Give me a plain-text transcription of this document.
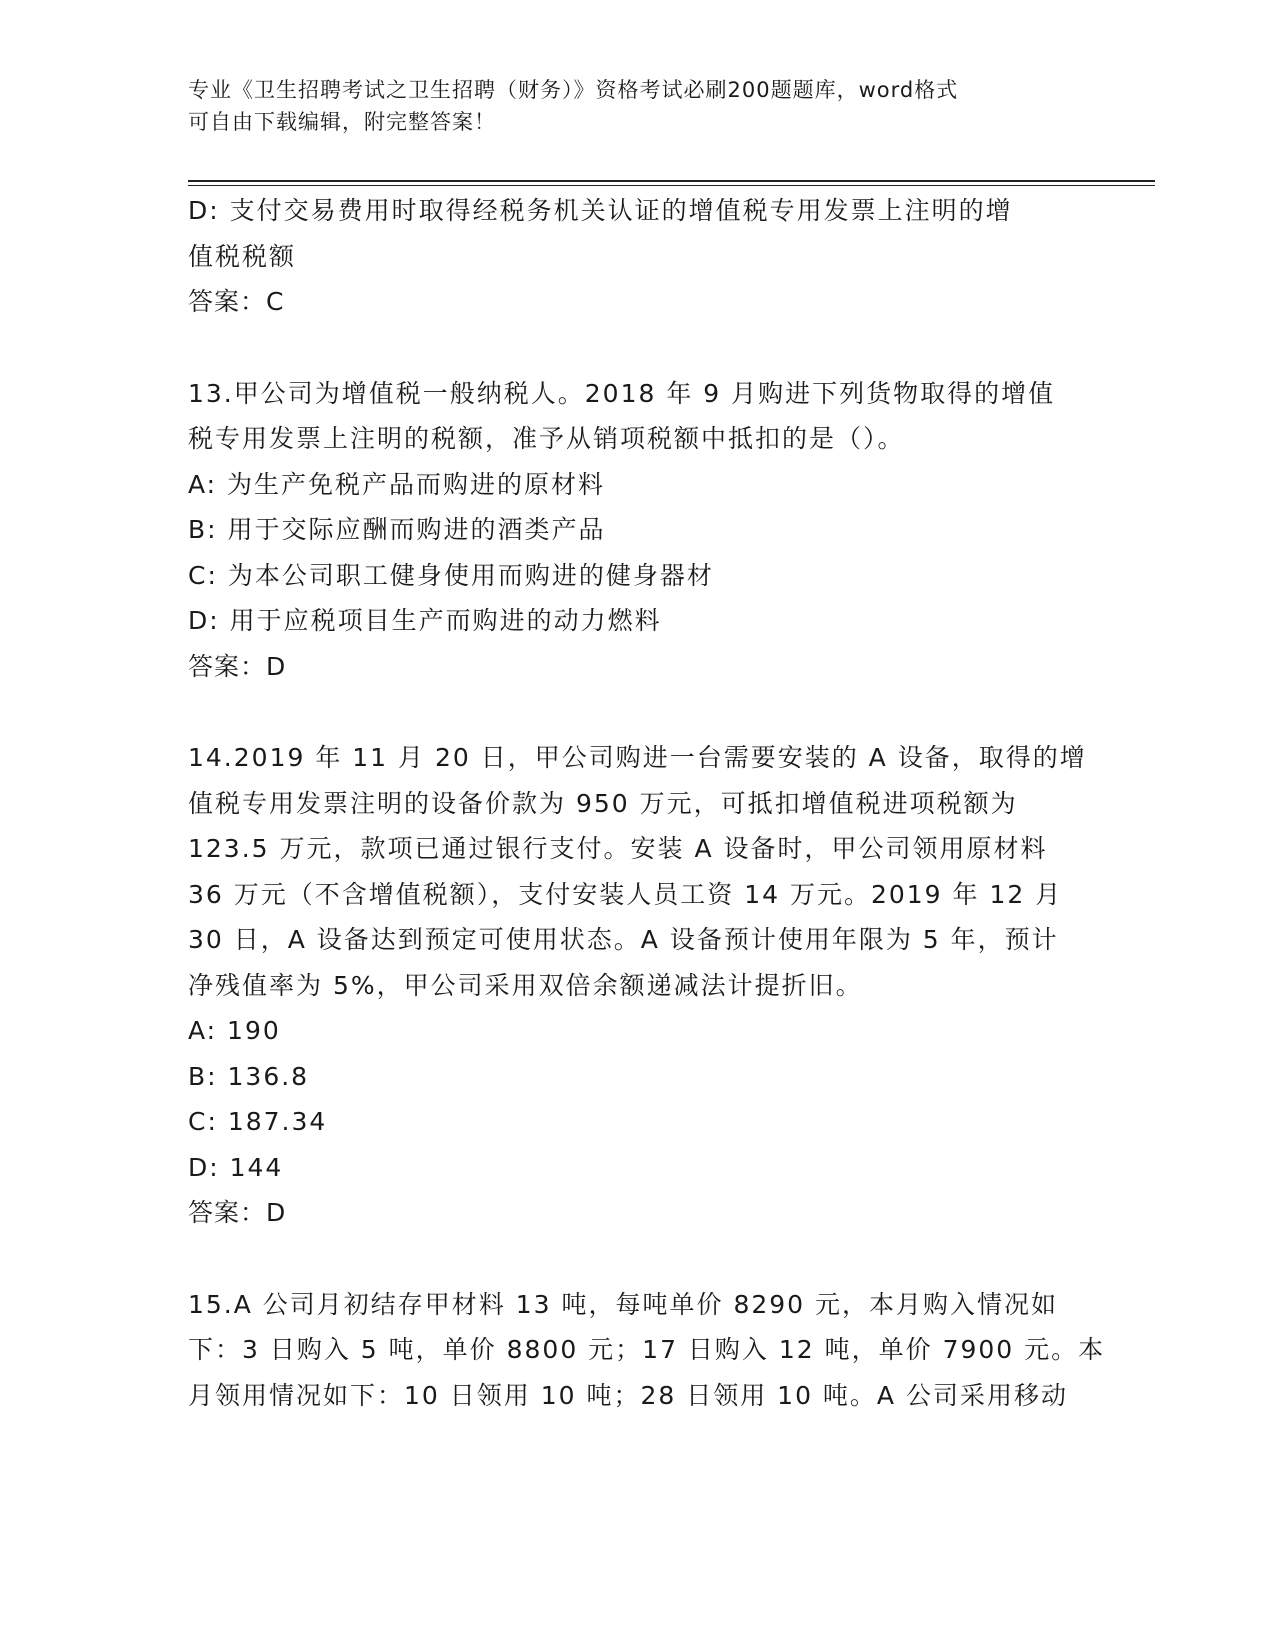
专业《卫生招聘考试之卫生招聘（财务）》资格考试必刷200题题库，word格式
可自由下载编辑，附完整答案！
D: 支付交易费用时取得经税务机关认证的增值税专用发票上注明的增
值税税额
答案：C
13.甲公司为增值税一般纳税人。2018 年 9 月购进下列货物取得的增值
税专用发票上注明的税额，准予从销项税额中抵扣的是（）。
A: 为生产免税产品而购进的原材料
B: 用于交际应酬而购进的酒类产品
C: 为本公司职工健身使用而购进的健身器材
D: 用于应税项目生产而购进的动力燃料
答案：D
14.2019 年 11 月 20 日，甲公司购进一台需要安装的 A 设备，取得的增
值税专用发票注明的设备价款为 950 万元，可抵扣增值税进项税额为
123.5 万元，款项已通过银行支付。安装 A 设备时，甲公司领用原材料
36 万元（不含增值税额），支付安装人员工资 14 万元。2019 年 12 月
30 日，A 设备达到预定可使用状态。A 设备预计使用年限为 5 年，预计
净残值率为 5%，甲公司采用双倍余额递减法计提折旧。
A: 190
B: 136.8
C: 187.34
D: 144
答案：D
15.A 公司月初结存甲材料 13 吨，每吨单价 8290 元，本月购入情况如
下：3 日购入 5 吨，单价 8800 元；17 日购入 12 吨，单价 7900 元。本
月领用情况如下：10 日领用 10 吨；28 日领用 10 吨。A 公司采用移动
